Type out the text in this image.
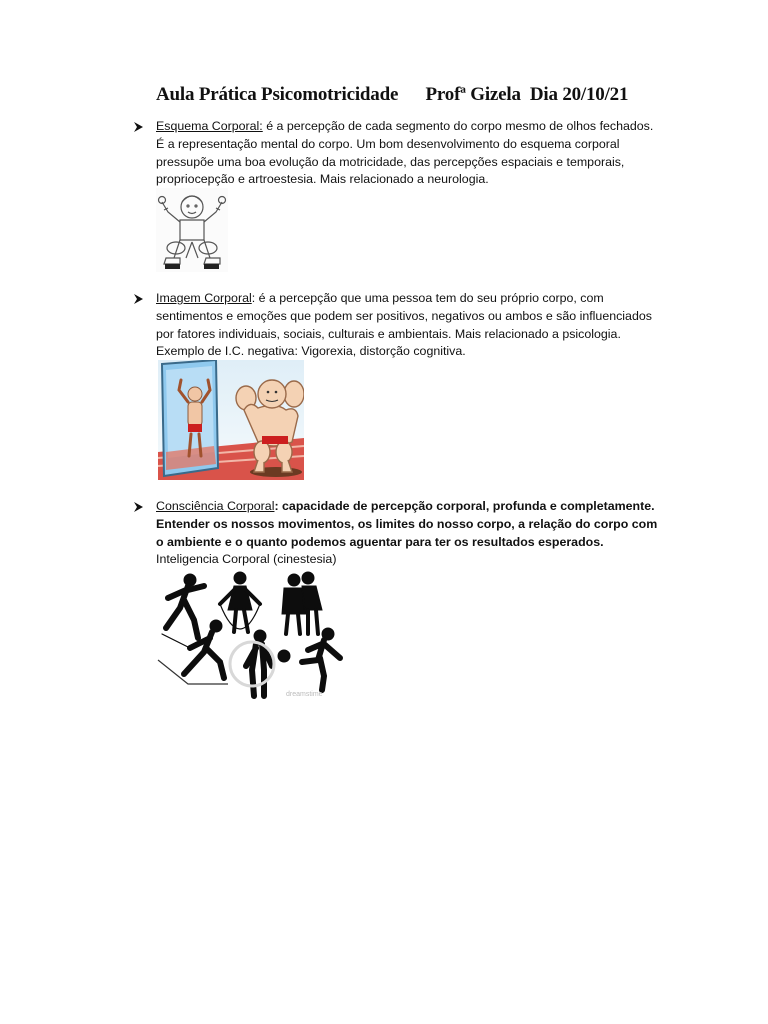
Aula Prática Psicomotricidade      Profª Gizela  Dia 20/10/21
Esquema Corporal: é a percepção de cada segmento do corpo mesmo de olhos fechados. É a representação mental do corpo. Um bom desenvolvimento do esquema corporal pressupõe uma boa evolução da motricidade, das percepções espaciais e temporais, propriocepção e artroestesia. Mais relacionado a neurologia.
Imagem Corporal: é a percepção que uma pessoa tem do seu próprio corpo, com sentimentos e emoções que podem ser positivos, negativos ou ambos e são influenciados por fatores individuais, sociais, culturais e ambientais. Mais relacionado a psicologia. Exemplo de I.C. negativa: Vigorexia, distorção cognitiva.
Consciência Corporal: capacidade de percepção corporal, profunda e completamente. Entender os nossos movimentos, os limites do nosso corpo, a relação do corpo com o ambiente e o quanto podemos aguentar para ter os resultados esperados.
Inteligencia Corporal (cinestesia)
dreamstime
